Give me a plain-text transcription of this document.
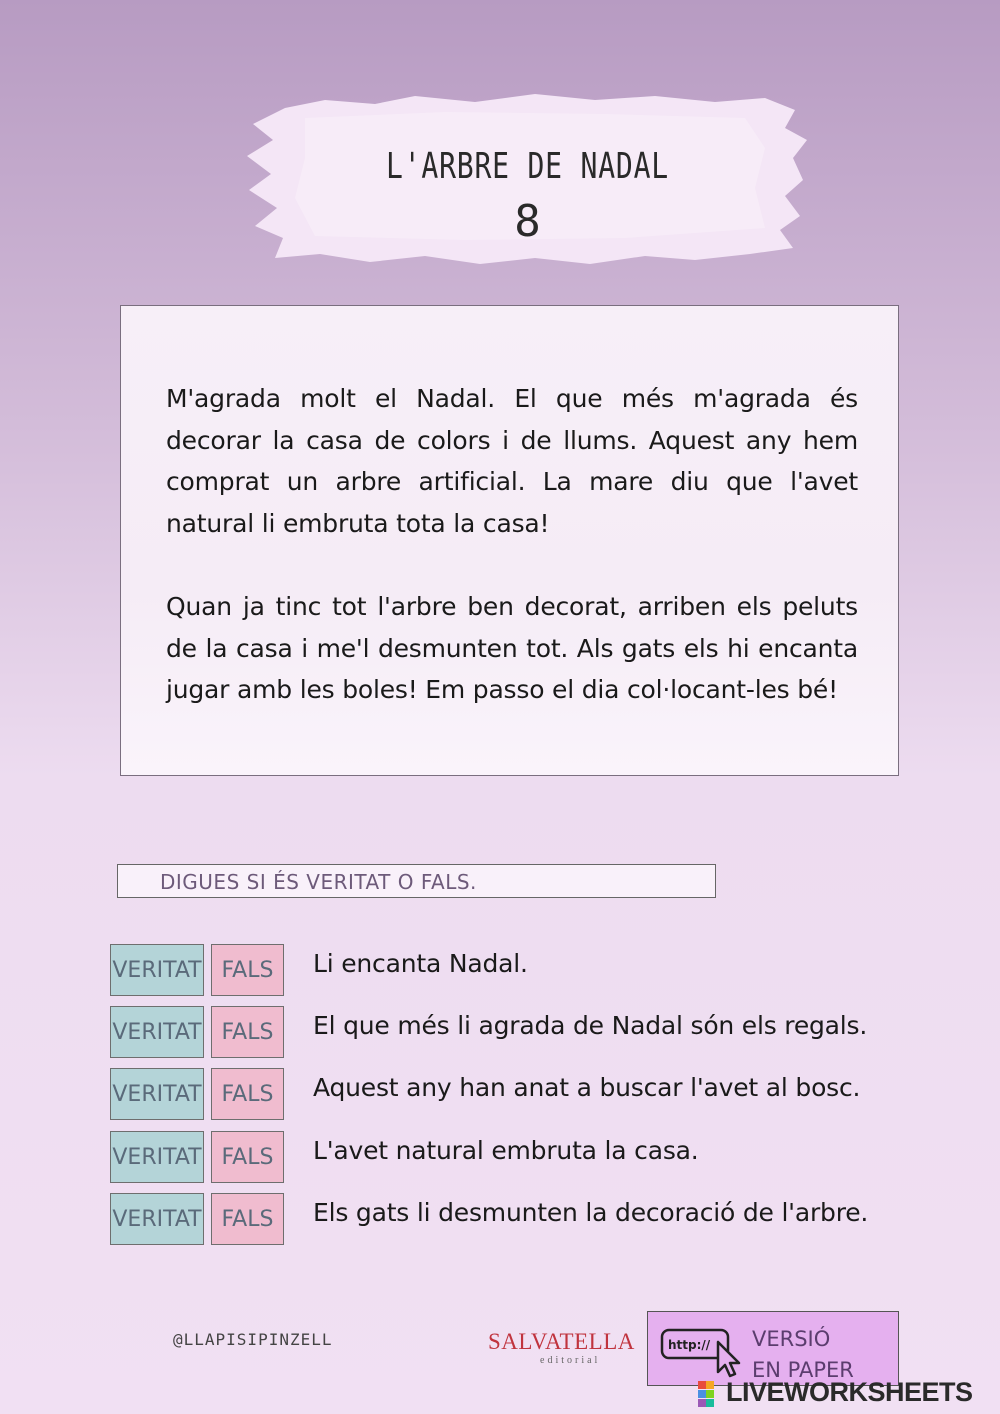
L'ARBRE DE NADAL
8

M'agrada molt el Nadal. El que més m'agrada és decorar la casa de colors i de llums. Aquest any hem comprat un arbre artificial. La mare diu que l'avet natural li embruta tota la casa!

Quan ja tinc tot l'arbre ben decorat, arriben els peluts de la casa i me'l desmunten tot. Als gats els hi encanta jugar amb les boles! Em passo el dia col·locant-les bé!

DIGUES SI ÉS VERITAT O FALS.
VERITAT FALS	Li encanta Nadal.
VERITAT FALS	El que més li agrada de Nadal són els regals.
VERITAT FALS	Aquest any han anat a buscar l'avet al bosc.
VERITAT FALS	L'avet natural embruta la casa.
VERITAT FALS	Els gats li desmunten la decoració de l'arbre.
@LLAPISIPINZELL	SALVATELLA
editorial
http:// VERSIÓ
EN PAPER
LIVEWORKSHEETS
